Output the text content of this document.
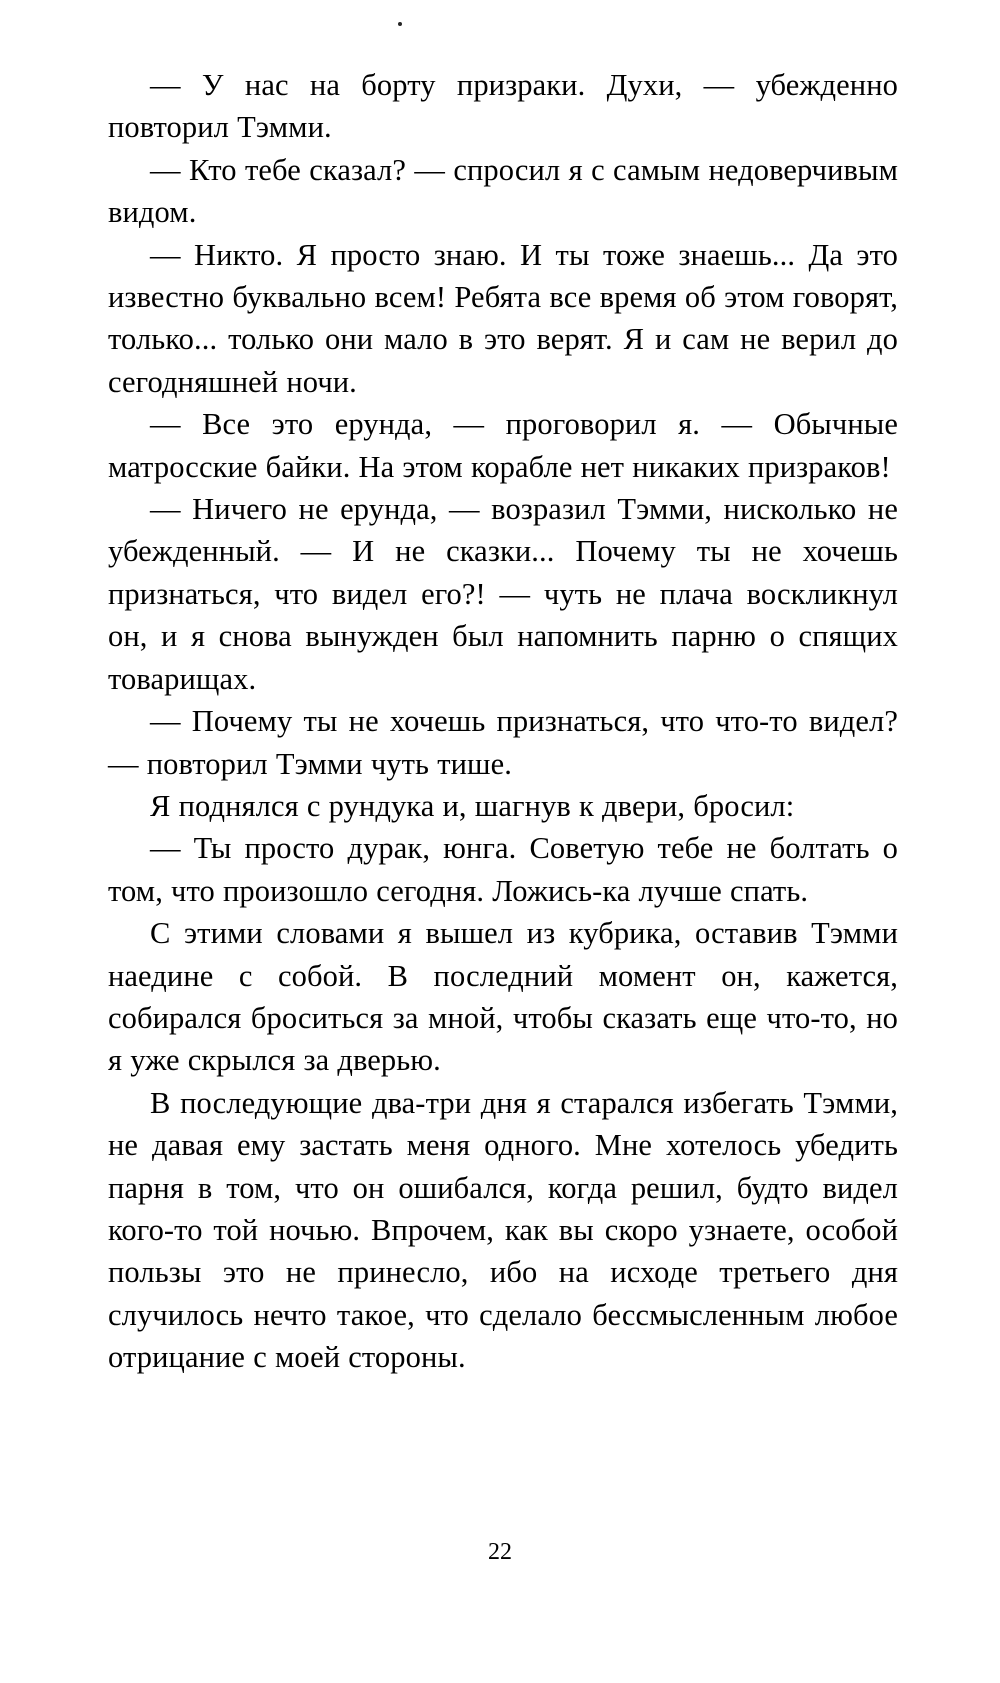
— У нас на борту призраки. Духи, — убежденно повторил Тэмми.

— Кто тебе сказал? — спросил я с самым недоверчивым видом.

— Никто. Я просто знаю. И ты тоже знаешь... Да это известно буквально всем! Ребята все время об этом говорят, только... только они мало в это верят. Я и сам не верил до сегодняшней ночи.

— Все это ерунда, — проговорил я. — Обычные матросские байки. На этом корабле нет никаких призраков!

— Ничего не ерунда, — возразил Тэмми, нисколько не убежденный. — И не сказки... Почему ты не хочешь признаться, что видел его?! — чуть не плача воскликнул он, и я снова вынужден был напомнить парню о спящих товарищах.

— Почему ты не хочешь признаться, что что-то видел? — повторил Тэмми чуть тише.

Я поднялся с рундука и, шагнув к двери, бросил:

— Ты просто дурак, юнга. Советую тебе не болтать о том, что произошло сегодня. Ложись-ка лучше спать.

С этими словами я вышел из кубрика, оставив Тэмми наедине с собой. В последний момент он, кажется, собирался броситься за мной, чтобы сказать еще что-то, но я уже скрылся за дверью.

В последующие два-три дня я старался избегать Тэмми, не давая ему застать меня одного. Мне хотелось убедить парня в том, что он ошибался, когда решил, будто видел кого-то той ночью. Впрочем, как вы скоро узнаете, особой пользы это не принесло, ибо на исходе третьего дня случилось нечто такое, что сделало бессмысленным любое отрицание с моей стороны.

22
